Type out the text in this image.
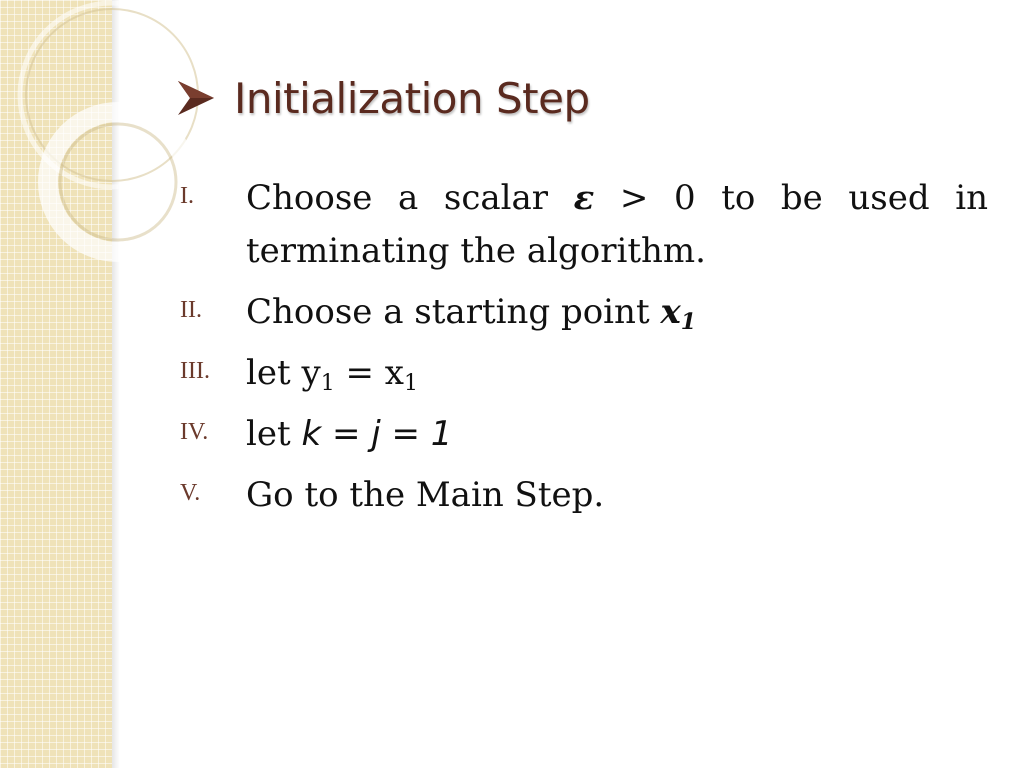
Initialization Step
I.	Choose a scalar ε > 0 to be used in terminating the algorithm.
II.	Choose a starting point $x_1$
III.	let $y_1 = x_1$
IV.	let k = j = 1
V.	Go to the Main Step.
